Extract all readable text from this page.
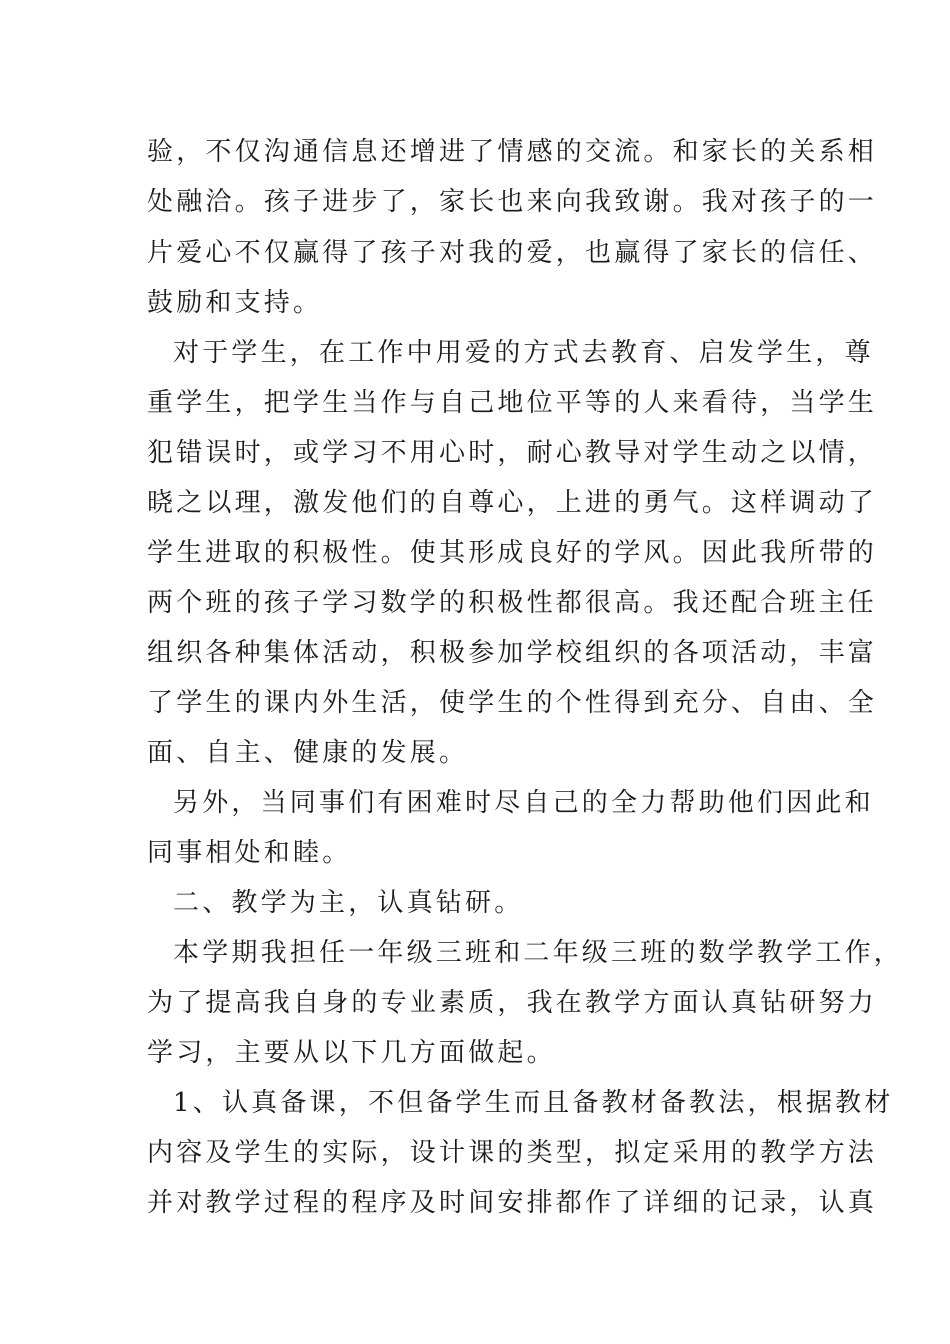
验，不仅沟通信息还增进了情感的交流。和家长的关系相
处融洽。孩子进步了，家长也来向我致谢。我对孩子的一
片爱心不仅赢得了孩子对我的爱，也赢得了家长的信任、
鼓励和支持。
对于学生，在工作中用爱的方式去教育、启发学生，尊
重学生，把学生当作与自己地位平等的人来看待，当学生
犯错误时，或学习不用心时，耐心教导对学生动之以情，
晓之以理，激发他们的自尊心，上进的勇气。这样调动了
学生进取的积极性。使其形成良好的学风。因此我所带的
两个班的孩子学习数学的积极性都很高。我还配合班主任
组织各种集体活动，积极参加学校组织的各项活动，丰富
了学生的课内外生活，使学生的个性得到充分、自由、全
面、自主、健康的发展。
另外，当同事们有困难时尽自己的全力帮助他们因此和
同事相处和睦。
二、教学为主，认真钻研。
本学期我担任一年级三班和二年级三班的数学教学工作，
为了提高我自身的专业素质，我在教学方面认真钻研努力
学习，主要从以下几方面做起。
1、认真备课，不但备学生而且备教材备教法，根据教材
内容及学生的实际，设计课的类型，拟定采用的教学方法
并对教学过程的程序及时间安排都作了详细的记录，认真
